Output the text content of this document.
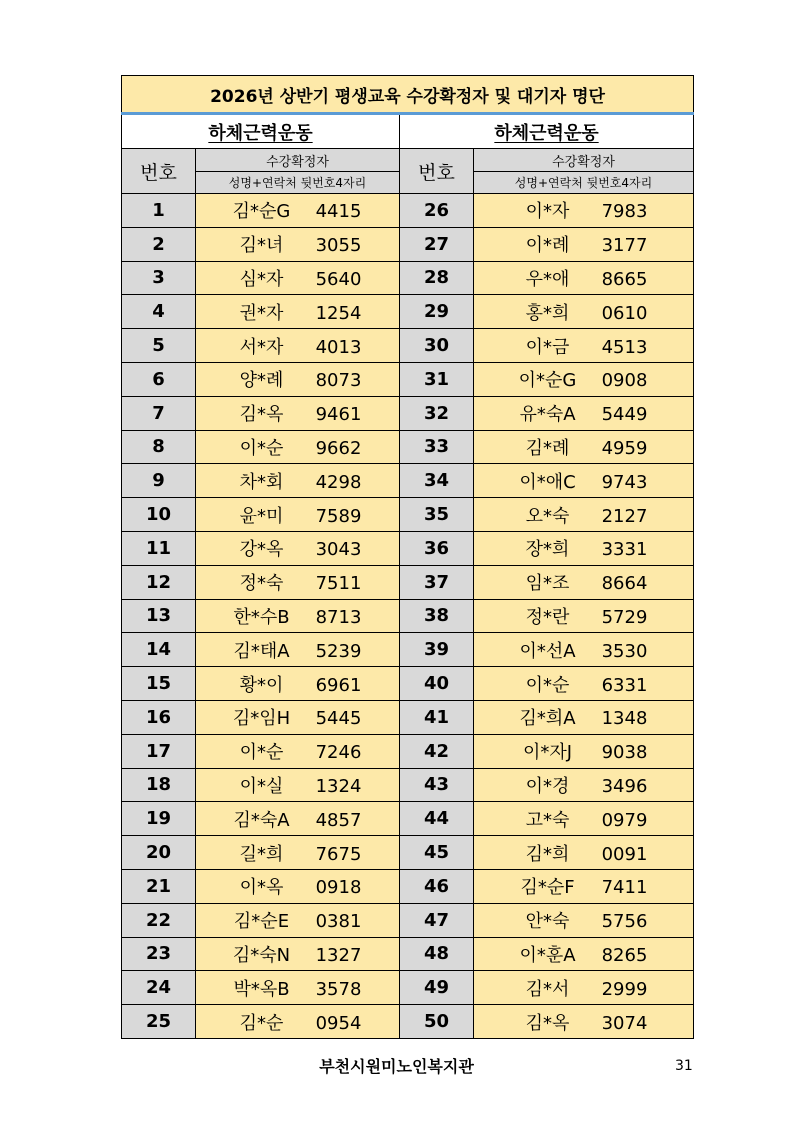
2026년 상반기 평생교육 수강확정자 및 대기자 명단			
하체근력운동		하체근력운동	
번호	수강확정자	번호	수강확정자
	성명+연락처 뒷번호4자리		성명+연락처 뒷번호4자리
1	김*순G 4415	26	이*자 7983
2	김*녀 3055	27	이*례 3177
3	심*자 5640	28	우*애 8665
4	권*자 1254	29	홍*희 0610
5	서*자 4013	30	이*금 4513
6	양*례 8073	31	이*순G 0908
7	김*옥 9461	32	유*숙A 5449
8	이*순 9662	33	김*례 4959
9	차*회 4298	34	이*애C 9743
10	윤*미 7589	35	오*숙 2127
11	강*옥 3043	36	장*희 3331
12	정*숙 7511	37	임*조 8664
13	한*수B 8713	38	정*란 5729
14	김*태A 5239	39	이*선A 3530
15	황*이 6961	40	이*순 6331
16	김*임H 5445	41	김*희A 1348
17	이*순 7246	42	이*자J 9038
18	이*실 1324	43	이*경 3496
19	김*숙A 4857	44	고*숙 0979
20	길*희 7675	45	김*희 0091
21	이*옥 0918	46	김*순F 7411
22	김*순E 0381	47	안*숙 5756
23	김*숙N 1327	48	이*훈A 8265
24	박*옥B 3578	49	김*서 2999
25	김*순 0954	50	김*옥 3074
부천시원미노인복지관	31
